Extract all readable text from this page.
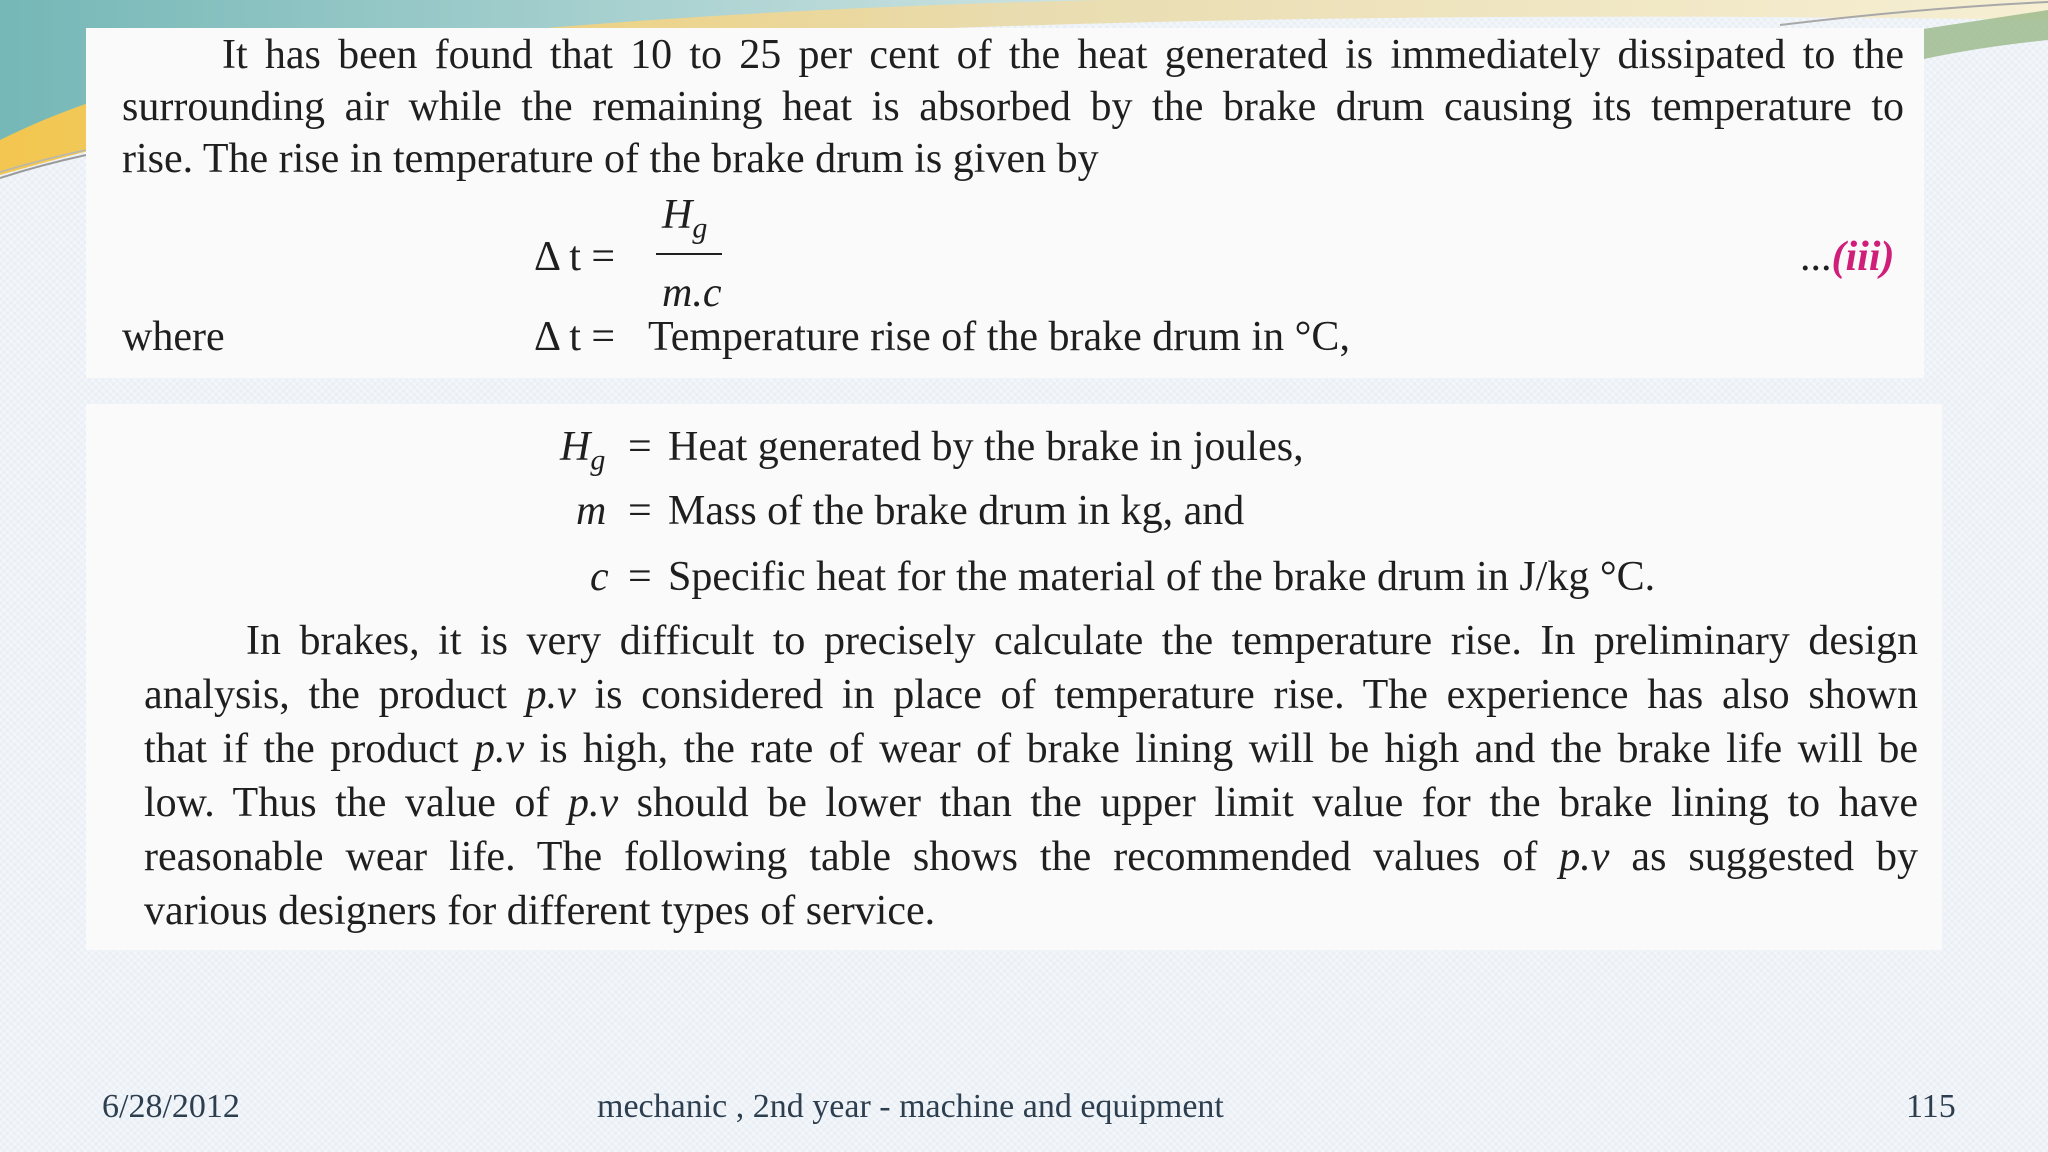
It has been found that 10 to 25 per cent of the heat generated is immediately dissipated to the
surrounding air while the remaining heat is absorbed by the brake drum causing its temperature to
rise. The rise in temperature of the brake drum is given by
Δ t =
$H_g$
m.c
...(iii)
where	Δ t = Temperature rise of the brake drum in °C,
$H_g$ = Heat generated by the brake in joules,
m = Mass of the brake drum in kg, and
c = Specific heat for the material of the brake drum in J/kg °C.
In brakes, it is very difficult to precisely calculate the temperature rise. In preliminary design
analysis, the product p.v is considered in place of temperature rise. The experience has also shown
that if the product p.v is high, the rate of wear of brake lining will be high and the brake life will be
low. Thus the value of p.v should be lower than the upper limit value for the brake lining to have
reasonable wear life. The following table shows the recommended values of p.v as suggested by
various designers for different types of service.
6/28/2012	mechanic , 2nd year - machine and equipment	115
